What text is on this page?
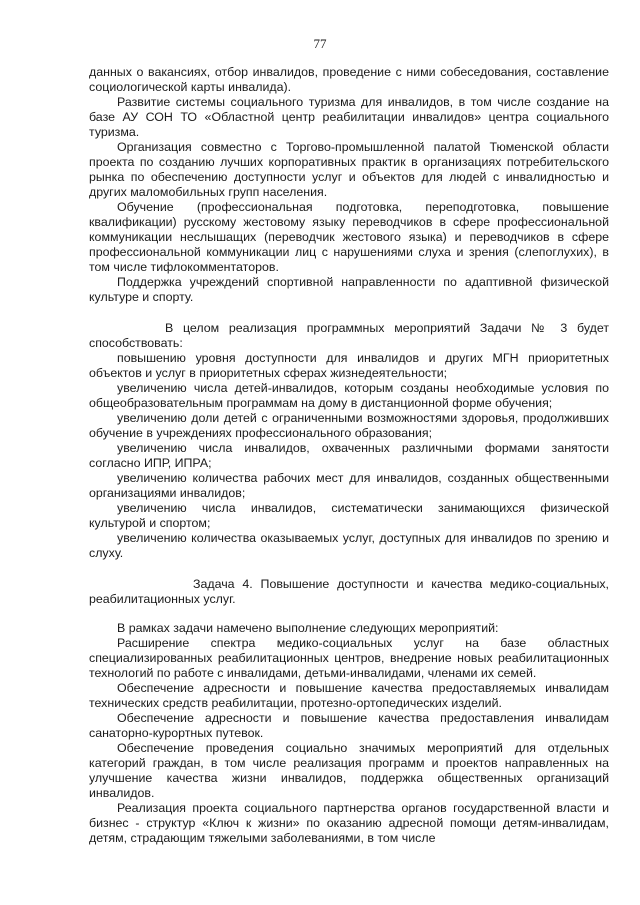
77

данных о вакансиях, отбор инвалидов, проведение с ними собеседования, составление социологической карты инвалида).

Развитие системы социального туризма для инвалидов, в том числе создание на базе АУ СОН ТО «Областной центр реабилитации инвалидов» центра социального туризма.

Организация совместно с Торгово-промышленной палатой Тюменской области проекта по созданию лучших корпоративных практик в организациях потребительского рынка по обеспечению доступности услуг и объектов для людей с инвалидностью и других маломобильных групп населения.

Обучение (профессиональная подготовка, переподготовка, повышение квалификации) русскому жестовому языку переводчиков в сфере профессиональной коммуникации неслышащих (переводчик жестового языка) и переводчиков в сфере профессиональной коммуникации лиц с нарушениями слуха и зрения (слепоглухих), в том числе тифлокомментаторов.

Поддержка учреждений спортивной направленности по адаптивной физической культуре и спорту.

В целом реализация программных мероприятий Задачи № 3 будет способствовать:

повышению уровня доступности для инвалидов и других МГН приоритетных объектов и услуг в приоритетных сферах жизнедеятельности;

увеличению числа детей-инвалидов, которым созданы необходимые условия по общеобразовательным программам на дому в дистанционной форме обучения;

увеличению доли детей с ограниченными возможностями здоровья, продолживших обучение в учреждениях профессионального образования;

увеличению числа инвалидов, охваченных различными формами занятости согласно ИПР, ИПРА;

увеличению количества рабочих мест для инвалидов, созданных общественными организациями инвалидов;

увеличению числа инвалидов, систематически занимающихся физической культурой и спортом;

увеличению количества оказываемых услуг, доступных для инвалидов по зрению и слуху.

Задача 4. Повышение доступности и качества медико-социальных, реабилитационных услуг.

В рамках задачи намечено выполнение следующих мероприятий:

Расширение спектра медико-социальных услуг на базе областных специализированных реабилитационных центров, внедрение новых реабилитационных технологий по работе с инвалидами, детьми-инвалидами, членами их семей.

Обеспечение адресности и повышение качества предоставляемых инвалидам технических средств реабилитации, протезно-ортопедических изделий.

Обеспечение адресности и повышение качества предоставления инвалидам санаторно-курортных путевок.

Обеспечение проведения социально значимых мероприятий для отдельных категорий граждан, в том числе реализация программ и проектов направленных на улучшение качества жизни инвалидов, поддержка общественных организаций инвалидов.

Реализация проекта социального партнерства органов государственной власти и бизнес - структур «Ключ к жизни» по оказанию адресной помощи детям-инвалидам, детям, страдающим тяжелыми заболеваниями, в том числе
